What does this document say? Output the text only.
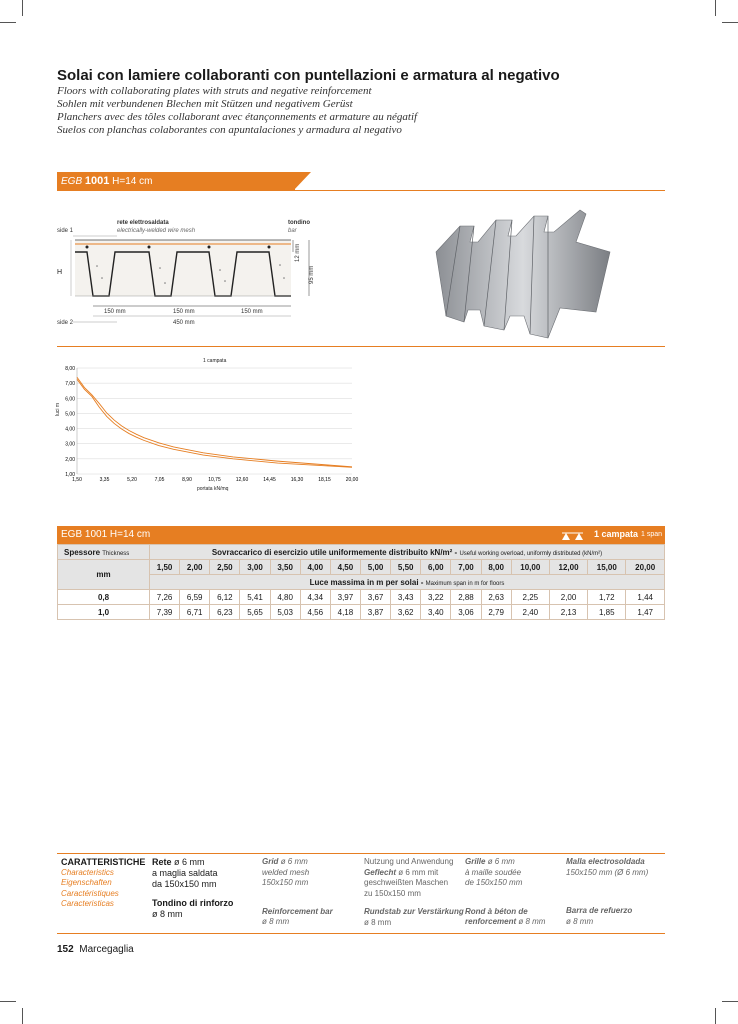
Solai con lamiere collaboranti con puntellazioni e armatura al negativo
Floors with collaborating plates with struts and negative reinforcement
Sohlen mit verbundenen Blechen mit Stützen und negativem Gerüst
Planchers avec des tôles collaborant avec étançonnements et armature au négatif
Suelos con planchas colaborantes con apuntalaciones y armadura al negativo
EGB 1001 H=14 cm
rete elettrosaldata
electrically-welded wire mesh
tondino
bar
side 1
side 2
H
12 mm
95 mm
150 mm	150 mm	150 mm
450 mm
1 campata
portata kN/mq
luci m
8,00
7,00
6,00
5,00
4,00
3,00
2,00
1,00
1,50	3,35	5,20	7,05	8,90	10,75	12,60	14,45	16,30	18,15	20,00
EGB 1001 H=14 cm	1 campata 1 span
Spessore Thickness	Sovraccarico di esercizio utile uniformemente distribuito kN/m² - Useful working overload, uniformly distributed (kN/m²)															
mm	1,50	2,00	2,50	3,00	3,50	4,00	4,50	5,00	5,50	6,00	7,00	8,00	10,00	12,00	15,00	20,00
	Luce massima in m per solai - Maximum span in m for floors															
0,8	7,26	6,59	6,12	5,41	4,80	4,34	3,97	3,67	3,43	3,22	2,88	2,63	2,25	2,00	1,72	1,44
1,0	7,39	6,71	6,23	5,65	5,03	4,56	4,18	3,87	3,62	3,40	3,06	2,79	2,40	2,13	1,85	1,47
CARATTERISTICHE
Characteristics
Eigenschaften
Caractéristiques
Caracteristicas
Rete ø 6 mm
a maglia saldata
da 150x150 mm
Tondino di rinforzo
ø 8 mm
Grid ø 6 mm
welded mesh
150x150 mm
Reinforcement bar
ø 8 mm
Nutzung und Anwendung
Geflecht ø 6 mm mit
geschweißten Maschen
zu 150x150 mm
Rundstab zur Verstärkung
ø 8 mm
Grille ø 6 mm
à maille soudée
de 150x150 mm
Rond à béton de
renforcement ø 8 mm
Malla electrosoldada
150x150 mm (Ø 6 mm)
Barra de refuerzo
ø 8 mm
152 Marcegaglia
